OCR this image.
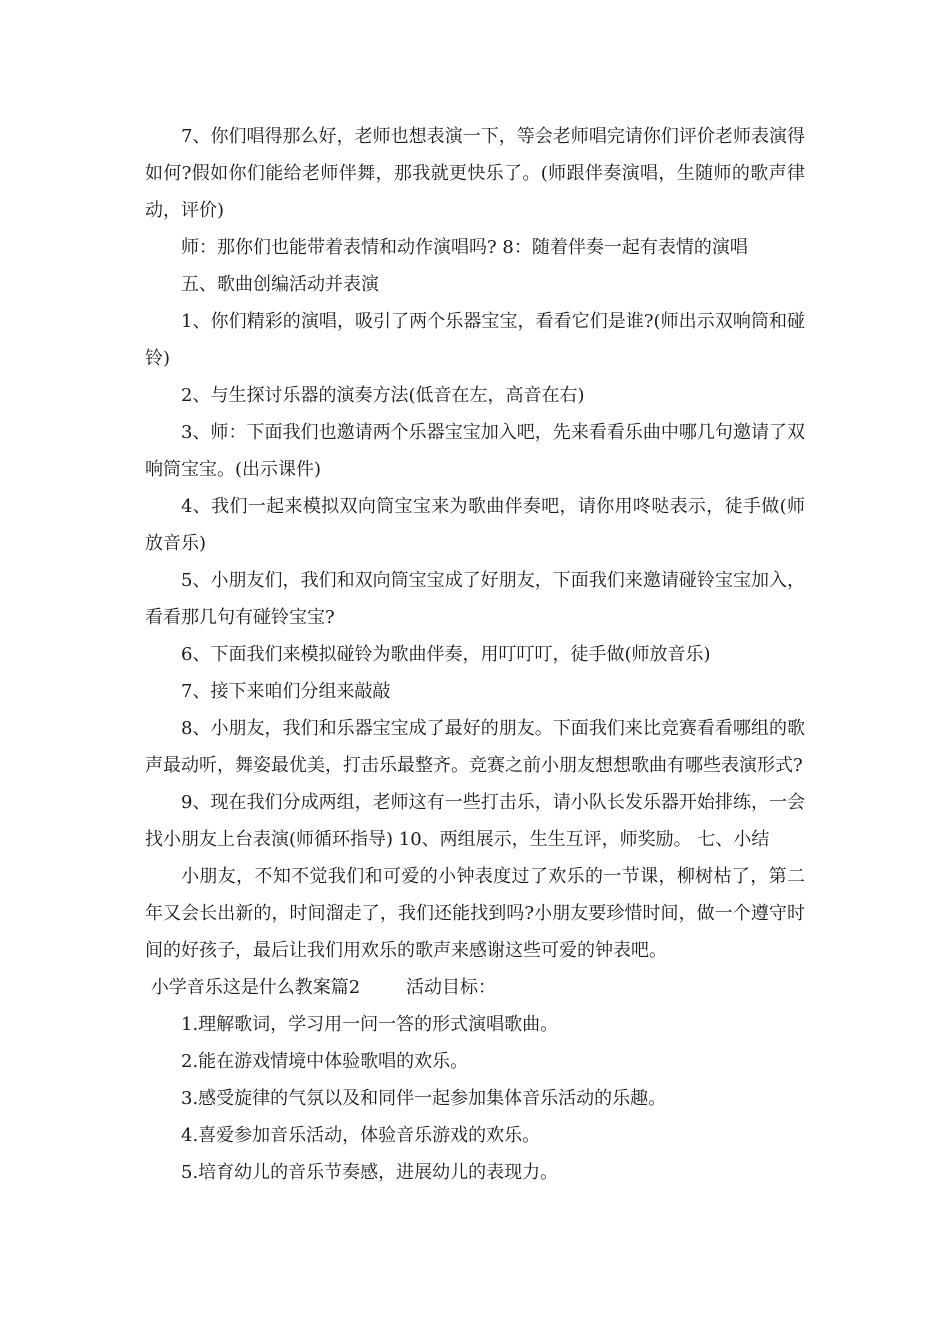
7、你们唱得那么好，老师也想表演一下，等会老师唱完请你们评价老师表演得如何?假如你们能给老师伴舞，那我就更快乐了。(师跟伴奏演唱，生随师的歌声律动，评价)

师：那你们也能带着表情和动作演唱吗? 8：随着伴奏一起有表情的演唱

五、歌曲创编活动并表演

1、你们精彩的演唱，吸引了两个乐器宝宝，看看它们是谁?(师出示双响筒和碰铃)

2、与生探讨乐器的演奏方法(低音在左，高音在右)

3、师：下面我们也邀请两个乐器宝宝加入吧，先来看看乐曲中哪几句邀请了双响筒宝宝。(出示课件)

4、我们一起来模拟双向筒宝宝来为歌曲伴奏吧，请你用咚哒表示，徒手做(师放音乐)

5、小朋友们，我们和双向筒宝宝成了好朋友，下面我们来邀请碰铃宝宝加入，看看那几句有碰铃宝宝?

6、下面我们来模拟碰铃为歌曲伴奏，用叮叮叮，徒手做(师放音乐)

7、接下来咱们分组来敲敲

8、小朋友，我们和乐器宝宝成了最好的朋友。下面我们来比竞赛看看哪组的歌声最动听，舞姿最优美，打击乐最整齐。竞赛之前小朋友想想歌曲有哪些表演形式?

9、现在我们分成两组，老师这有一些打击乐，请小队长发乐器开始排练，一会找小朋友上台表演(师循环指导) 10、两组展示，生生互评，师奖励。 七、小结

小朋友，不知不觉我们和可爱的小钟表度过了欢乐的一节课，柳树枯了，第二年又会长出新的，时间溜走了，我们还能找到吗?小朋友要珍惜时间，做一个遵守时间的好孩子，最后让我们用欢乐的歌声来感谢这些可爱的钟表吧。

小学音乐这是什么教案篇2        活动目标：

1.理解歌词，学习用一问一答的形式演唱歌曲。

2.能在游戏情境中体验歌唱的欢乐。

3.感受旋律的气氛以及和同伴一起参加集体音乐活动的乐趣。

4.喜爱参加音乐活动，体验音乐游戏的欢乐。

5.培育幼儿的音乐节奏感，进展幼儿的表现力。
